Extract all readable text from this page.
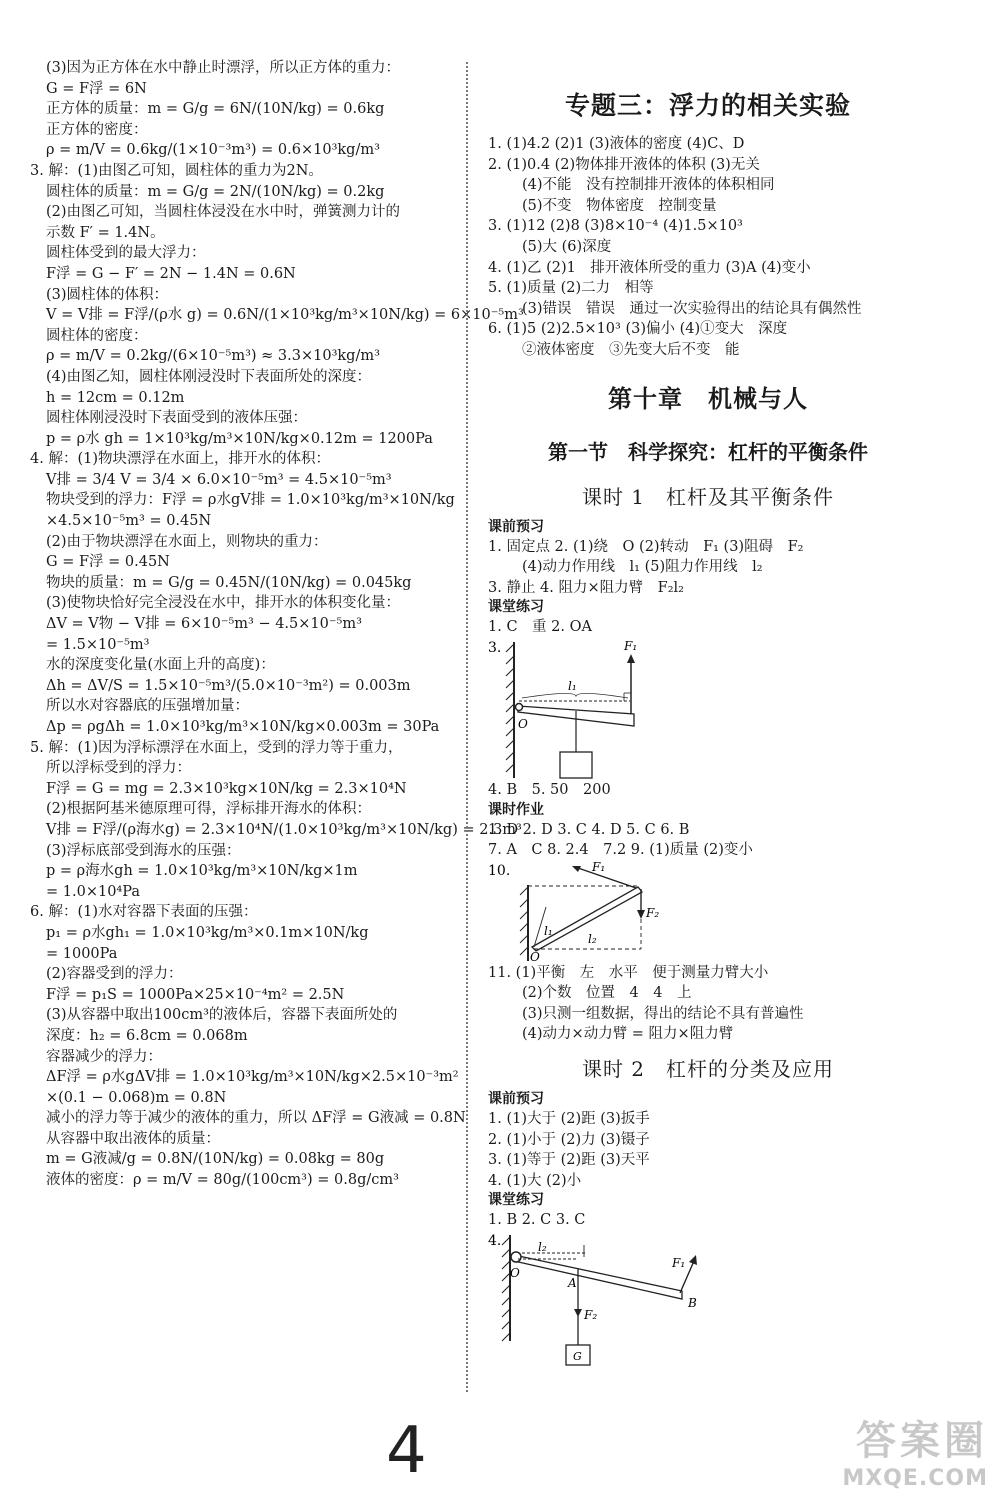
(3)因为正方体在水中静止时漂浮，所以正方体的重力：
G = F浮 = 6N
正方体的质量：m = G/g = 6N/(10N/kg) = 0.6kg
正方体的密度：
ρ = m/V = 0.6kg/(1×10⁻³m³) = 0.6×10³kg/m³
3. 解：(1)由图乙可知，圆柱体的重力为2N。
圆柱体的质量：m = G/g = 2N/(10N/kg) = 0.2kg
(2)由图乙可知，当圆柱体浸没在水中时，弹簧测力计的
示数 F′ = 1.4N。
圆柱体受到的最大浮力：
F浮 = G − F′ = 2N − 1.4N = 0.6N
(3)圆柱体的体积：
V = V排 = F浮/(ρ水 g) = 0.6N/(1×10³kg/m³×10N/kg) = 6×10⁻⁵m³
圆柱体的密度：
ρ = m/V = 0.2kg/(6×10⁻⁵m³) ≈ 3.3×10³kg/m³
(4)由图乙知，圆柱体刚浸没时下表面所处的深度：
h = 12cm = 0.12m
圆柱体刚浸没时下表面受到的液体压强：
p = ρ水 gh = 1×10³kg/m³×10N/kg×0.12m = 1200Pa
4. 解：(1)物块漂浮在水面上，排开水的体积：
V排 = 3/4 V = 3/4 × 6.0×10⁻⁵m³ = 4.5×10⁻⁵m³
物块受到的浮力：F浮 = ρ水gV排 = 1.0×10³kg/m³×10N/kg
×4.5×10⁻⁵m³ = 0.45N
(2)由于物块漂浮在水面上，则物块的重力：
G = F浮 = 0.45N
物块的质量：m = G/g = 0.45N/(10N/kg) = 0.045kg
(3)使物块恰好完全浸没在水中，排开水的体积变化量：
ΔV = V物 − V排 = 6×10⁻⁵m³ − 4.5×10⁻⁵m³
= 1.5×10⁻⁵m³
水的深度变化量(水面上升的高度)：
Δh = ΔV/S = 1.5×10⁻⁵m³/(5.0×10⁻³m²) = 0.003m
所以水对容器底的压强增加量：
Δp = ρgΔh = 1.0×10³kg/m³×10N/kg×0.003m = 30Pa
5. 解：(1)因为浮标漂浮在水面上，受到的浮力等于重力，
所以浮标受到的浮力：
F浮 = G = mg = 2.3×10³kg×10N/kg = 2.3×10⁴N
(2)根据阿基米德原理可得，浮标排开海水的体积：
V排 = F浮/(ρ海水g) = 2.3×10⁴N/(1.0×10³kg/m³×10N/kg) = 2.3m³
(3)浮标底部受到海水的压强：
p = ρ海水gh = 1.0×10³kg/m³×10N/kg×1m
= 1.0×10⁴Pa
6. 解：(1)水对容器下表面的压强：
p₁ = ρ水gh₁ = 1.0×10³kg/m³×0.1m×10N/kg
= 1000Pa
(2)容器受到的浮力：
F浮 = p₁S = 1000Pa×25×10⁻⁴m² = 2.5N
(3)从容器中取出100cm³的液体后，容器下表面所处的
深度：h₂ = 6.8cm = 0.068m
容器减少的浮力：
ΔF浮 = ρ水gΔV排 = 1.0×10³kg/m³×10N/kg×2.5×10⁻³m²
×(0.1 − 0.068)m = 0.8N
减小的浮力等于减少的液体的重力，所以 ΔF浮 = G液减 = 0.8N
从容器中取出液体的质量：
m = G液减/g = 0.8N/(10N/kg) = 0.08kg = 80g
液体的密度：ρ = m/V = 80g/(100cm³) = 0.8g/cm³
专题三：浮力的相关实验
1. (1)4.2 (2)1 (3)液体的密度 (4)C、D
2. (1)0.4 (2)物体排开液体的体积 (3)无关
(4)不能　没有控制排开液体的体积相同
(5)不变　物体密度　控制变量
3. (1)12 (2)8 (3)8×10⁻⁴ (4)1.5×10³
(5)大 (6)深度
4. (1)乙 (2)1　排开液体所受的重力 (3)A (4)变小
5. (1)质量 (2)二力　相等
(3)错误　错误　通过一次实验得出的结论具有偶然性
6. (1)5 (2)2.5×10³ (3)偏小 (4)①变大　深度
②液体密度　③先变大后不变　能
第十章　机械与人
第一节　科学探究：杠杆的平衡条件
课时 1　杠杆及其平衡条件
课前预习
1. 固定点 2. (1)绕　O (2)转动　F₁ (3)阻碍　F₂
(4)动力作用线　l₁ (5)阻力作用线　l₂
3. 静止 4. 阻力×阻力臂　F₂l₂
课堂练习
1. C　重 2. OA
3.
O
l₁
F₁
4. B　5. 50　200
课时作业
1. D 2. D 3. C 4. D 5. C 6. B
7. A　C 8. 2.4　7.2 9. (1)质量 (2)变小
10.
O
F₁
F₂
l₁
l₂
11. (1)平衡　左　水平　便于测量力臂大小
(2)个数　位置　4　4　上
(3)只测一组数据，得出的结论不具有普遍性
(4)动力×动力臂 = 阻力×阻力臂
课时 2　杠杆的分类及应用
课前预习
1. (1)大于 (2)距 (3)扳手
2. (1)小于 (2)力 (3)镊子
3. (1)等于 (2)距 (3)天平
4. (1)大 (2)小
课堂练习
1. B 2. C 3. C
4.
O
l₂
A
F₂
G
F₁
B
4	答案圈
MXQE.COM
